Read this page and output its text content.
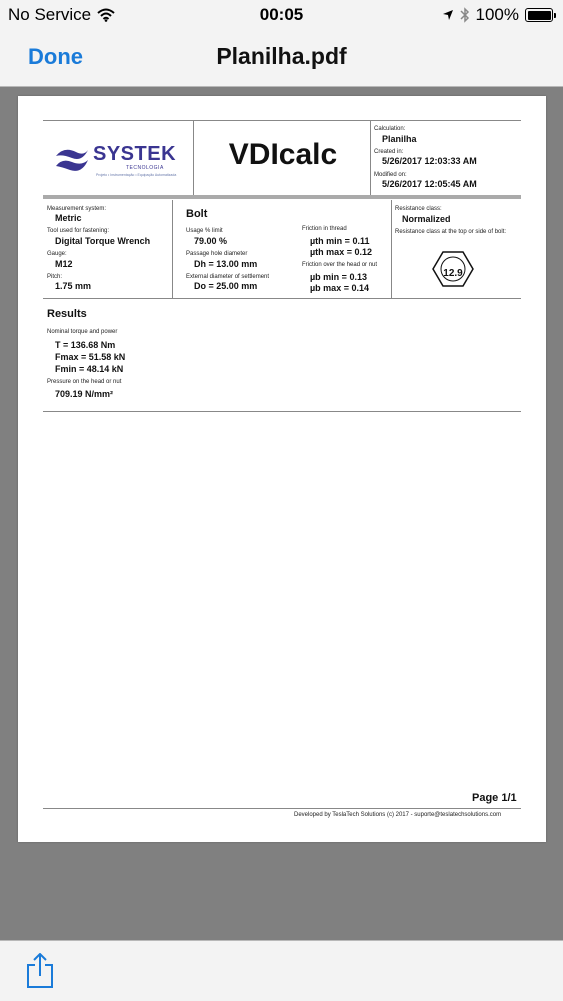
No Service	00:05	100%
Done	Planilha.pdf
SYSTEK
TECNOLOGIA
Projeto • Instrumentação • Equipação Automatizada
VDIcalc
Calculation:
Planilha
Created in:
5/26/2017 12:03:33 AM
Modified on:
5/26/2017 12:05:45 AM
Measurement system:
Metric
Tool used for fastening:
Digital Torque Wrench
Gauge:
M12
Pitch:
1.75 mm
Bolt
Usage % limit
79.00 %
Passage hole diameter
Dh = 13.00 mm
External diameter of settlement
Do = 25.00 mm
Friction in thread
µth min = 0.11
µth max = 0.12
Friction over the head or nut
µb min = 0.13
µb max = 0.14
Resistance class:
Normalized
Resistance class at the top or side of bolt:
12.9
Results
Nominal torque and power
T = 136.68 Nm
Fmax = 51.58 kN
Fmin = 48.14 kN
Pressure on the head or nut
709.19 N/mm²
Page 1/1
Developed by TeslaTech Solutions (c) 2017 - suporte@teslatechsolutions.com
